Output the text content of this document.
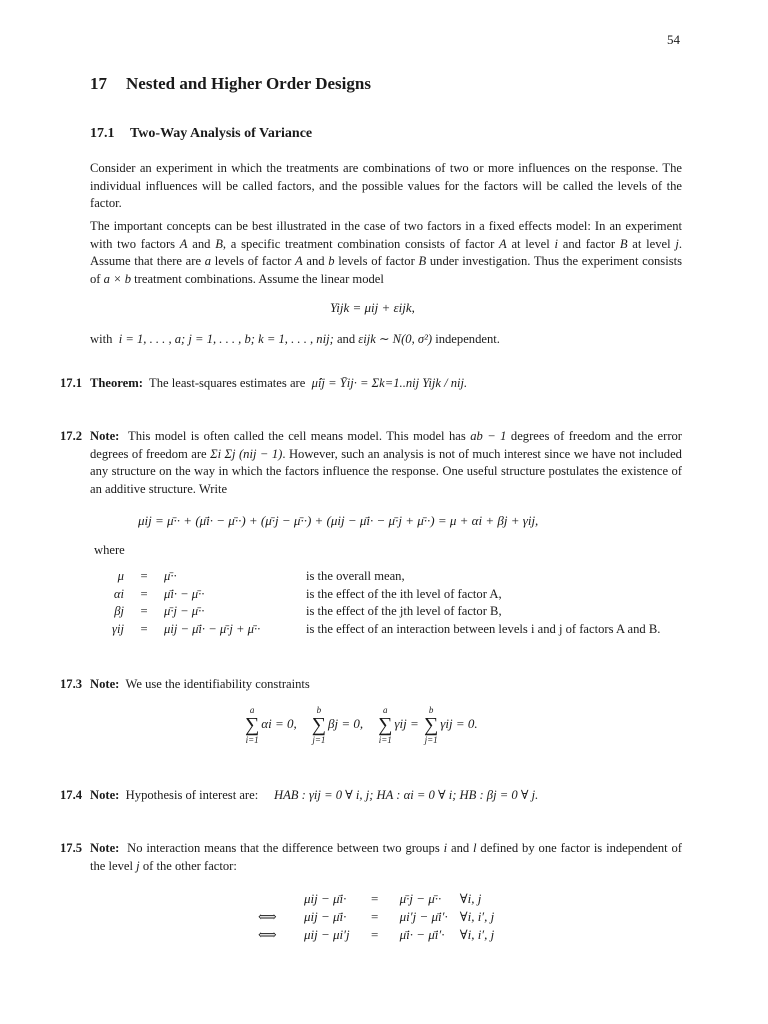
54
17 Nested and Higher Order Designs
17.1 Two-Way Analysis of Variance

Consider an experiment in which the treatments are combinations of two or more influences on the response. The individual influences will be called factors, and the possible values for the factors will be called the levels of the factor.

The important concepts can be best illustrated in the case of two factors in a fixed effects model: In an experiment with two factors A and B, a specific treatment combination consists of factor A at level i and factor B at level j. Assume that there are a levels of factor A and b levels of factor B under investigation. Thus the experiment consists of a × b treatment combinations. Assume the linear model

Yijk = μij + εijk,
with i = 1, . . . , a; j = 1, . . . , b; k = 1, . . . , nij; and εijk ∼ N(0, σ²) independent.
17.1 Theorem: The least-squares estimates are μ̂ij = Ȳij· = Σk=1..nij Yijk / nij.
17.2 Note: This model is often called the cell means model. This model has ab − 1 degrees of freedom and the error degrees of freedom are Σi Σj (nij − 1). However, such an analysis is not of much interest since we have not included any structure on the way in which the factors influence the response. One useful structure postulates the existence of an additive structure. Write
μij = μ̄·· + (μ̄i· − μ̄··) + (μ̄·j − μ̄··) + (μij − μ̄i· − μ̄·j + μ̄··) = μ + αi + βj + γij,
where
μ	=	μ̄··	is the overall mean,
αi	=	μ̄i· − μ̄··	is the effect of the ith level of factor A,
βj	=	μ̄·j − μ̄··	is the effect of the jth level of factor B,
γij	=	μij − μ̄i· − μ̄·j + μ̄··	is the effect of an interaction between levels i and j of factors A and B.
17.3 Note: We use the identifiability constraints
a
∑
i=1
αi = 0,
b
∑
j=1
βj = 0,
a
∑
i=1
γij =
b
∑
j=1
γij = 0.
17.4 Note: Hypothesis of interest are: HAB : γij = 0 ∀ i, j; HA : αi = 0 ∀ i; HB : βj = 0 ∀ j.
17.5 Note: No interaction means that the difference between two groups i and l defined by one factor is independent of the level j of the other factor:
	μij − μ̄i·	=	μ̄·j − μ̄··	∀i, j
⟺	μij − μ̄i·	=	μi′j − μ̄i′·	∀i, i′, j
⟺	μij − μi′j	=	μ̄i· − μ̄i′·	∀i, i′, j
